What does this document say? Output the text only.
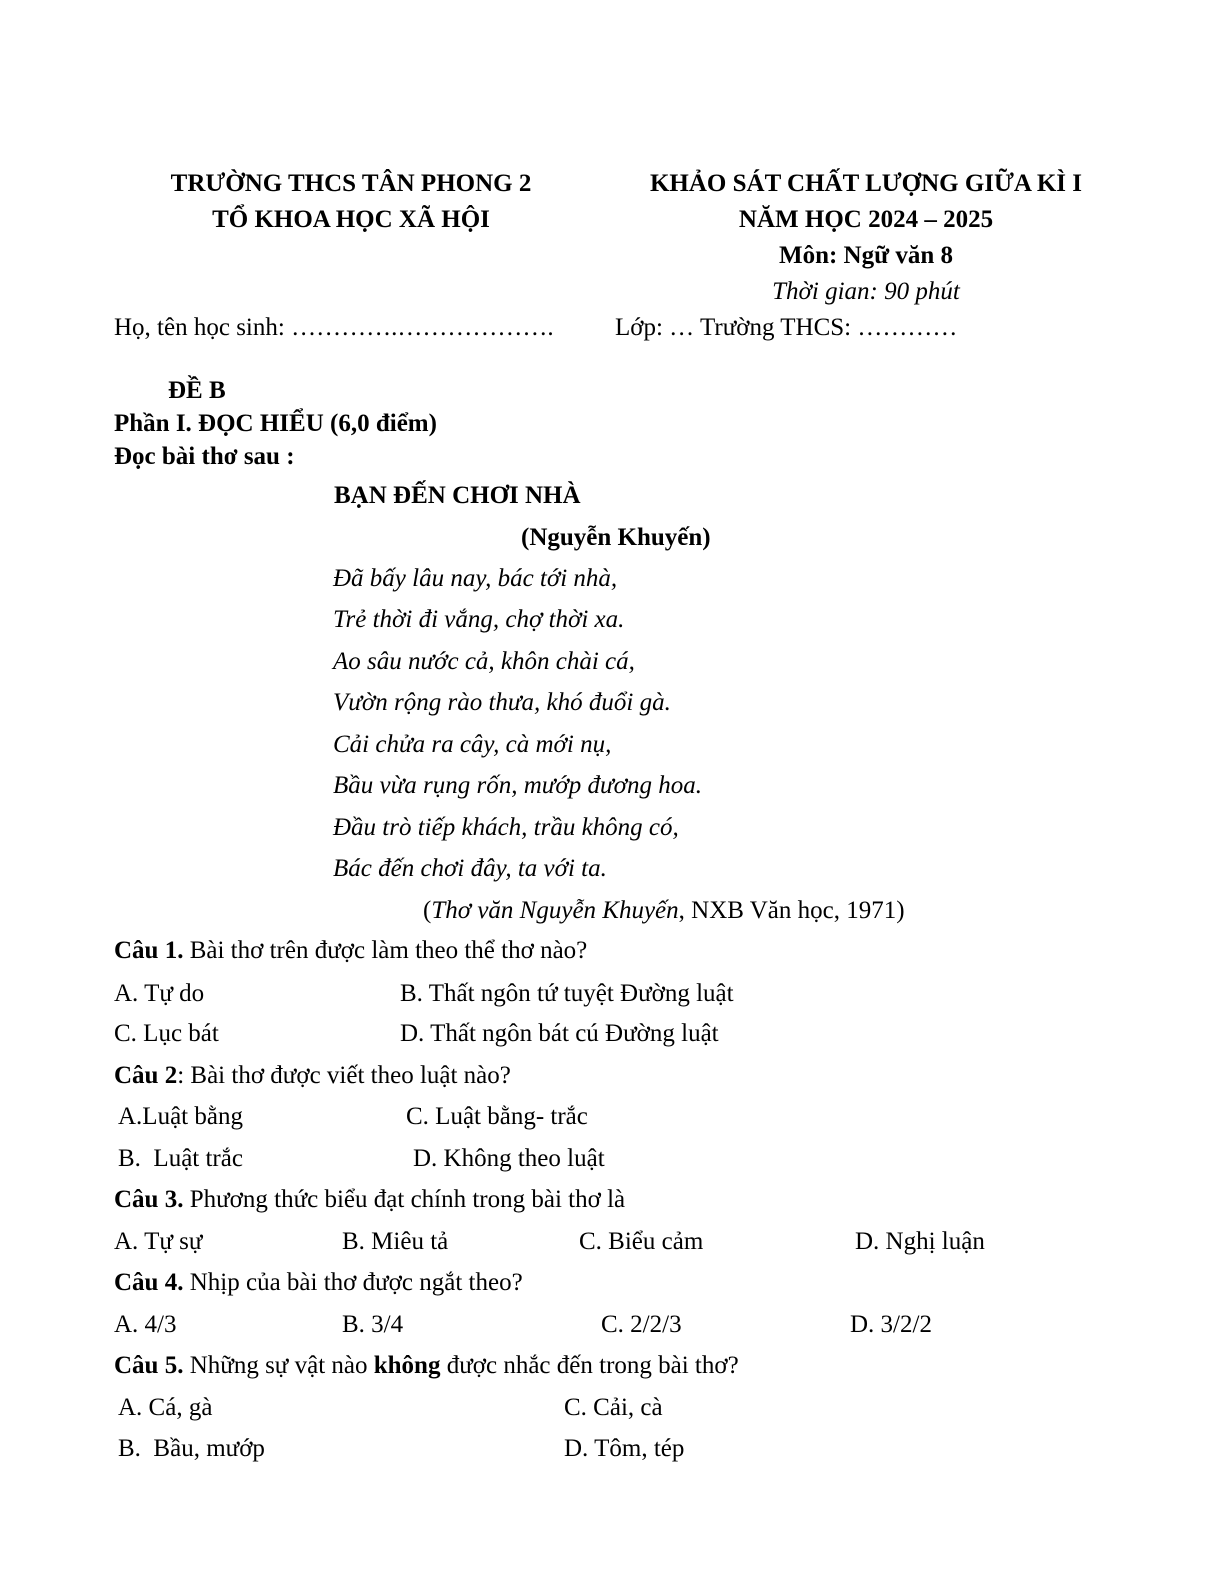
TRƯỜNG THCS TÂN PHONG 2
TỔ KHOA HỌC XÃ HỘI
KHẢO SÁT CHẤT LƯỢNG GIỮA KÌ I
NĂM HỌC 2024 – 2025
Môn: Ngữ văn 8
Thời gian: 90 phút
Họ, tên học sinh: ………….………………. Lớp: … Trường THCS: …………
ĐỀ B
Phần I. ĐỌC HIỂU (6,0 điểm)
Đọc bài thơ sau :
BẠN ĐẾN CHƠI NHÀ
(Nguyễn Khuyến)
Đã bấy lâu nay, bác tới nhà,
Trẻ thời đi vắng, chợ thời xa.
Ao sâu nước cả, khôn chài cá,
Vườn rộng rào thưa, khó đuổi gà.
Cải chửa ra cây, cà mới nụ,
Bầu vừa rụng rốn, mướp đương hoa.
Đầu trò tiếp khách, trầu không có,
Bác đến chơi đây, ta với ta.
(Thơ văn Nguyễn Khuyến, NXB Văn học, 1971)
Câu 1. Bài thơ trên được làm theo thể thơ nào?
A. Tự do	B. Thất ngôn tứ tuyệt Đường luật
C. Lục bát	D. Thất ngôn bát cú Đường luật
Câu 2: Bài thơ được viết theo luật nào?
A.Luật bằng	C. Luật bằng- trắc
B.  Luật trắc	D. Không theo luật
Câu 3. Phương thức biểu đạt chính trong bài thơ là
A. Tự sự	B. Miêu tả	C. Biểu cảm	D. Nghị luận
Câu 4. Nhịp của bài thơ được ngắt theo?
A. 4/3	B. 3/4	C. 2/2/3	D. 3/2/2
Câu 5. Những sự vật nào không được nhắc đến trong bài thơ?
A. Cá, gà	C. Cải, cà
B.  Bầu, mướp	D. Tôm, tép
